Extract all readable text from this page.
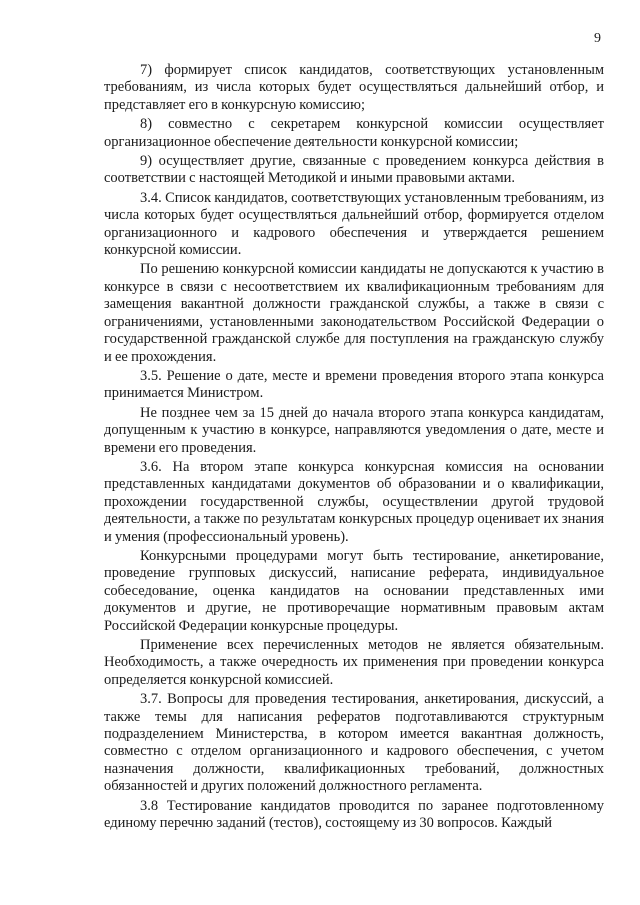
9

7) формирует список кандидатов, соответствующих установленным требованиям, из числа которых будет осуществляться дальнейший отбор, и представляет его в конкурсную комиссию;

8) совместно с секретарем конкурсной комиссии осуществляет организационное обеспечение деятельности конкурсной комиссии;

9) осуществляет другие, связанные с проведением конкурса действия в соответствии с настоящей Методикой и иными правовыми актами.

3.4. Список кандидатов, соответствующих установленным требованиям, из числа которых будет осуществляться дальнейший отбор, формируется отделом организационного и кадрового обеспечения и утверждается решением конкурсной комиссии.

По решению конкурсной комиссии кандидаты не допускаются к участию в конкурсе в связи с несоответствием их квалификационным требованиям для замещения вакантной должности гражданской службы, а также в связи с ограничениями, установленными законодательством Российской Федерации о государственной гражданской службе для поступления на гражданскую службу и ее прохождения.

3.5. Решение о дате, месте и времени проведения второго этапа конкурса принимается Министром.

Не позднее чем за 15 дней до начала второго этапа конкурса кандидатам, допущенным к участию в конкурсе, направляются уведомления о дате, месте и времени его проведения.

3.6. На втором этапе конкурса конкурсная комиссия на основании представленных кандидатами документов об образовании и о квалификации, прохождении государственной службы, осуществлении другой трудовой деятельности, а также по результатам конкурсных процедур оценивает их знания и умения (профессиональный уровень).

Конкурсными процедурами могут быть тестирование, анкетирование, проведение групповых дискуссий, написание реферата, индивидуальное собеседование, оценка кандидатов на основании представленных ими документов и другие, не противоречащие нормативным правовым актам Российской Федерации конкурсные процедуры.

Применение всех перечисленных методов не является обязательным. Необходимость, а также очередность их применения при проведении конкурса определяется конкурсной комиссией.

3.7. Вопросы для проведения тестирования, анкетирования, дискуссий, а также темы для написания рефератов подготавливаются структурным подразделением Министерства, в котором имеется вакантная должность, совместно с отделом организационного и кадрового обеспечения, с учетом назначения должности, квалификационных требований, должностных обязанностей и других положений должностного регламента.

3.8 Тестирование кандидатов проводится по заранее подготовленному единому перечню заданий (тестов), состоящему из 30 вопросов. Каждый
